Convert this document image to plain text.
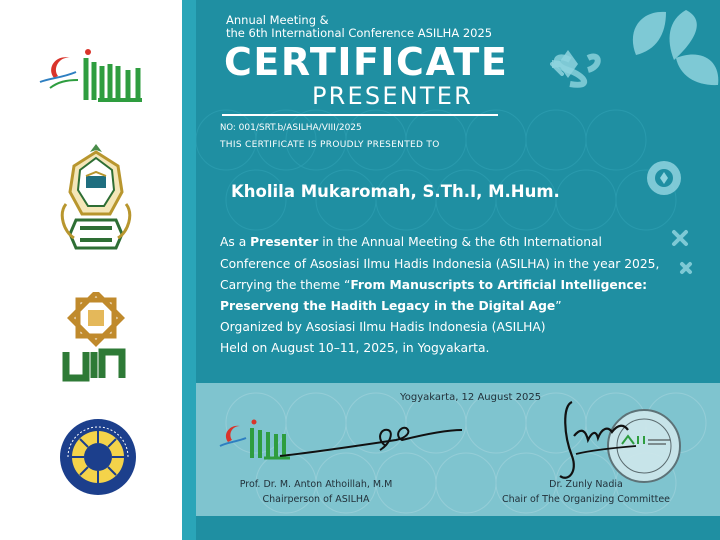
Annual Meeting &
the 6th International Conference ASILHA 2025
CERTIFICATE
PRESENTER
NO: 001/SRT.b/ASILHA/VIII/2025
THIS CERTIFICATE IS PROUDLY PRESENTED TO
Kholila Mukaromah, S.Th.I, M.Hum.
As a Presenter in the Annual Meeting & the 6th International
Conference of Asosiasi Ilmu Hadis Indonesia (ASILHA) in the year 2025,
Carrying the theme “From Manuscripts to Artificial Intelligence:
Preserveng the Hadith Legacy in the Digital Age”
Organized by Asosiasi Ilmu Hadis Indonesia (ASILHA)
Held on August 10–11, 2025, in Yogyakarta.
Yogyakarta, 12 August 2025
Prof. Dr. M. Anton Athoillah, M.M
Chairperson of ASILHA
Dr. Zunly Nadia
Chair of The Organizing Committee
